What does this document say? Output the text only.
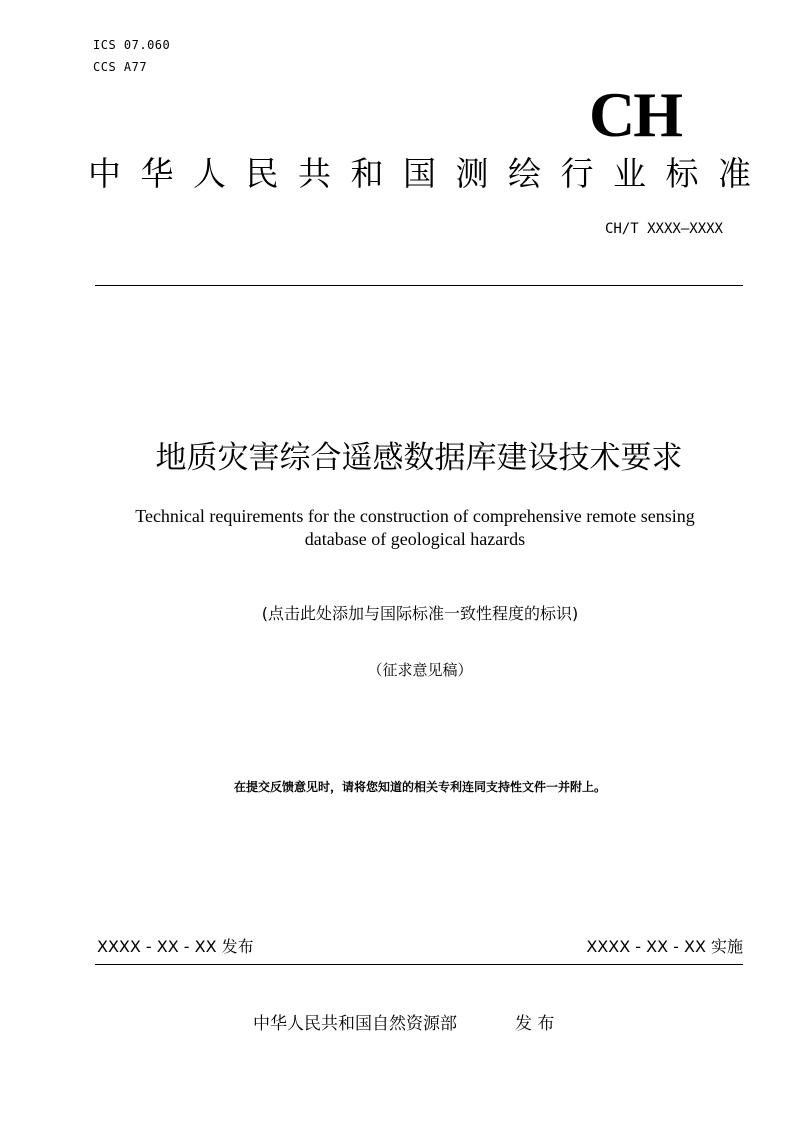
ICS 07.060
CCS A77
CH
中华人民共和国测绘行业标准
CH/T XXXX—XXXX
地质灾害综合遥感数据库建设技术要求
Technical requirements for the construction of comprehensive remote sensing database of geological hazards
(点击此处添加与国际标准一致性程度的标识)
（征求意见稿）
在提交反馈意见时，请将您知道的相关专利连同支持性文件一并附上。
XXXX - XX - XX 发布	XXXX - XX - XX 实施
中华人民共和国自然资源部	发 布
